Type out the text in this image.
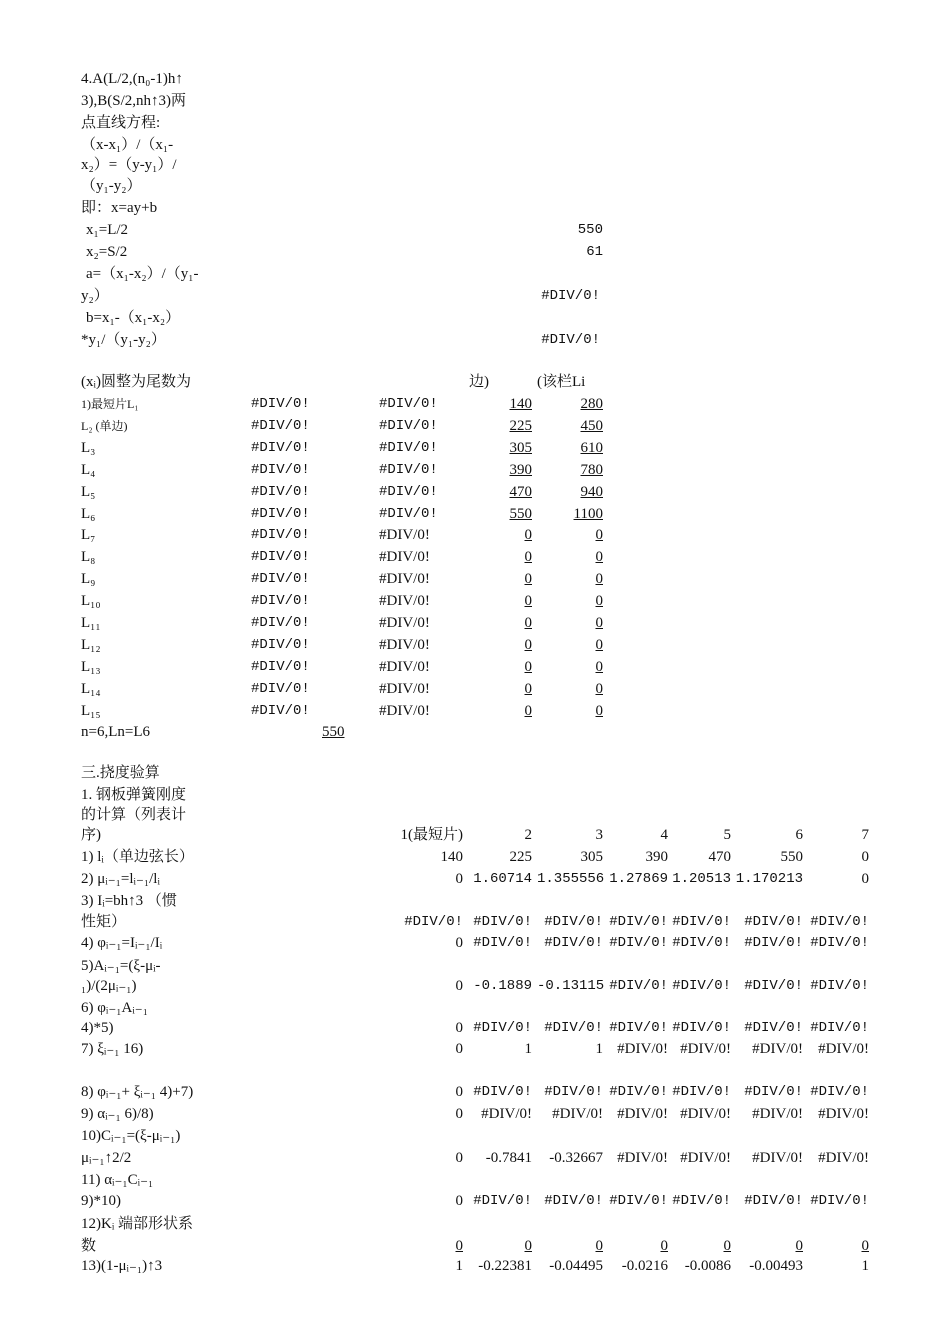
4.A(L/2,(n₀-1)h↑
3),B(S/2,nh↑3)两
点直线方程:
（x-x₁）/（x₁-
x₂）=（y-y₁）/
（y₁-y₂）
即：x=ay+b
x₁=L/2	550
x₂=S/2	61
a=（x₁-x₂）/（y₁-
y₂）	#DIV/0!
b=x₁-（x₁-x₂）
*y₁/（y₁-y₂）	#DIV/0!
(xᵢ)圆整为尾数为	边)	(该栏Li
1)最短片L₁	#DIV/0!	#DIV/0!	140	280
L₂ (单边)	#DIV/0!	#DIV/0!	225	450
L₃	#DIV/0!	#DIV/0!	305	610
L₄	#DIV/0!	#DIV/0!	390	780
L₅	#DIV/0!	#DIV/0!	470	940
L₆	#DIV/0!	#DIV/0!	550	1100
L₇	#DIV/0!	#DIV/0!	0	0
L₈	#DIV/0!	#DIV/0!	0	0
L₉	#DIV/0!	#DIV/0!	0	0
L₁₀	#DIV/0!	#DIV/0!	0	0
L₁₁	#DIV/0!	#DIV/0!	0	0
L₁₂	#DIV/0!	#DIV/0!	0	0
L₁₃	#DIV/0!	#DIV/0!	0	0
L₁₄	#DIV/0!	#DIV/0!	0	0
L₁₅	#DIV/0!	#DIV/0!	0	0
n=6,Ln=L6	550
三.挠度验算
1. 钢板弹簧刚度
的计算（列表计
序)	1(最短片)	2	3	4	5	6	7
1) lᵢ（单边弦长）	140	225	305	390	470	550	0
2) μᵢ₋₁=lᵢ₋₁/lᵢ	0 1.60714 1.355556 1.27869 1.20513 1.170213	0
3) Iᵢ=bh↑3 （惯
性矩）	#DIV/0! #DIV/0! #DIV/0! #DIV/0! #DIV/0! #DIV/0! #DIV/0!
4) φᵢ₋₁=Iᵢ₋₁/Iᵢ	0 #DIV/0! #DIV/0! #DIV/0! #DIV/0! #DIV/0! #DIV/0!
5)Aᵢ₋₁=(ξ-μᵢ-
₁)/(2μᵢ₋₁)	0 -0.1889 -0.13115 #DIV/0! #DIV/0! #DIV/0! #DIV/0!
6) φᵢ₋₁Aᵢ₋₁
4)*5)	0 #DIV/0! #DIV/0! #DIV/0! #DIV/0! #DIV/0! #DIV/0!
7) ξᵢ₋₁ 16)	0	1	1 #DIV/0! #DIV/0!	#DIV/0!	#DIV/0!
8) φᵢ₋₁+ ξᵢ₋₁ 4)+7)	0 #DIV/0! #DIV/0! #DIV/0! #DIV/0! #DIV/0! #DIV/0!
9) αᵢ₋₁ 6)/8)	0	#DIV/0!	#DIV/0! #DIV/0! #DIV/0!	#DIV/0!	#DIV/0!
10)Cᵢ₋₁=(ξ-μᵢ₋₁)
μᵢ₋₁↑2/2	0	-0.7841	-0.32667 #DIV/0! #DIV/0!	#DIV/0!	#DIV/0!
11) αᵢ₋₁Cᵢ₋₁
9)*10)	0 #DIV/0! #DIV/0! #DIV/0! #DIV/0! #DIV/0! #DIV/0!
12)Kᵢ 端部形状系
数	0	0	0	0	0	0	0
13)(1-μᵢ₋₁)↑3	1	-0.22381	-0.04495	-0.0216	-0.0086	-0.00493	1
